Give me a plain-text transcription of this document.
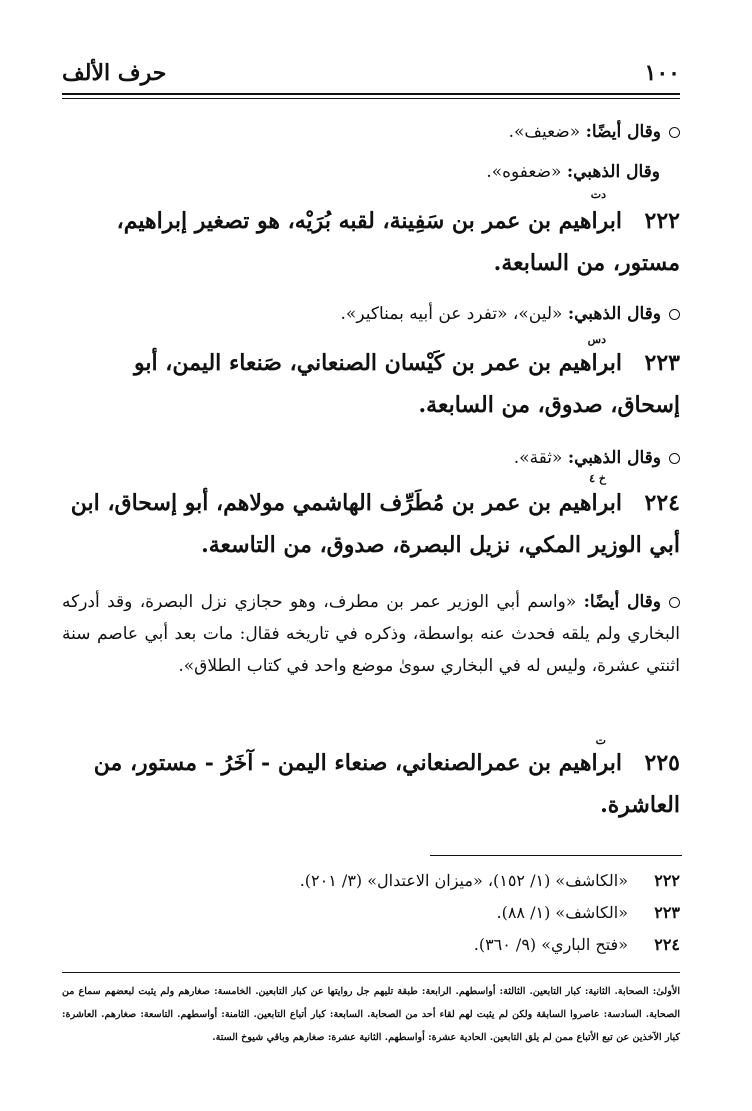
١٠٠
حرف الألف
وقال أيضًا: «ضعيف».
وقال الذهبي: «ضعفوه».
دت
٢٢٢ابراهيم بن عمر بن سَفِينة، لقبه بُرَيْه، هو تصغير إبراهيم، مستور، من السابعة.
وقال الذهبي: «لين»، «تفرد عن أبيه بمناكير».
دس
٢٢٣ابراهيم بن عمر بن كَيْسان الصنعاني، صَنعاء اليمن، أبو إسحاق، صدوق، من السابعة.
وقال الذهبي: «ثقة».
خ ٤
٢٢٤ابراهيم بن عمر بن مُطَرِّف الهاشمي مولاهم، أبو إسحاق، ابن أبي الوزير المكي، نزيل البصرة، صدوق، من التاسعة.
وقال أيضًا: «واسم أبي الوزير عمر بن مطرف، وهو حجازي نزل البصرة، وقد أدركه البخاري ولم يلقه فحدث عنه بواسطة، وذكره في تاريخه فقال: مات بعد أبي عاصم سنة اثنتي عشرة، وليس له في البخاري سوىٰ موضع واحد في كتاب الطلاق».
ت
٢٢٥ابراهيم بن عمرالصنعاني، صنعاء اليمن - آخَرُ - مستور، من العاشرة.
٢٢٢«الكاشف» (١/ ١٥٢)، «ميزان الاعتدال» (٣/ ٢٠١).
٢٢٣«الكاشف» (١/ ٨٨).
٢٢٤«فتح الباري» (٩/ ٣٦٠).
الأولىٰ: الصحابة. الثانية: كبار التابعين. الثالثة: أواسطهم. الرابعة: طبقة تليهم جل روايتها عن كبار التابعين. الخامسة: صغارهم ولم يثبت لبعضهم سماع من الصحابة. السادسة: عاصروا السابقة ولكن لم يثبت لهم لقاء أحد من الصحابة. السابعة: كبار أتباع التابعين. الثامنة: أواسطهم. التاسعة: صغارهم. العاشرة: كبار الآخذين عن تبع الأتباع ممن لم يلق التابعين. الحادية عشرة: أواسطهم. الثانية عشرة: صغارهم وباقي شيوخ الستة.
